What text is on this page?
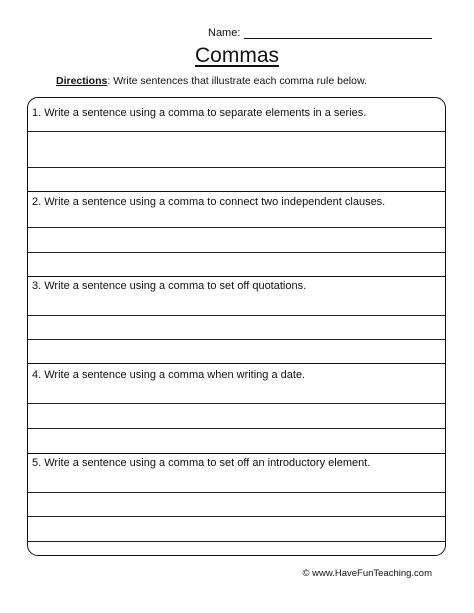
Name:
Commas
Directions: Write sentences that illustrate each comma rule below.
1. Write a sentence using a comma to separate elements in a series.
2. Write a sentence using a comma to connect two independent clauses.
3. Write a sentence using a comma to set off quotations.
4. Write a sentence using a comma when writing a date.
5. Write a sentence using a comma to set off an introductory element.
© www.HaveFunTeaching.com
